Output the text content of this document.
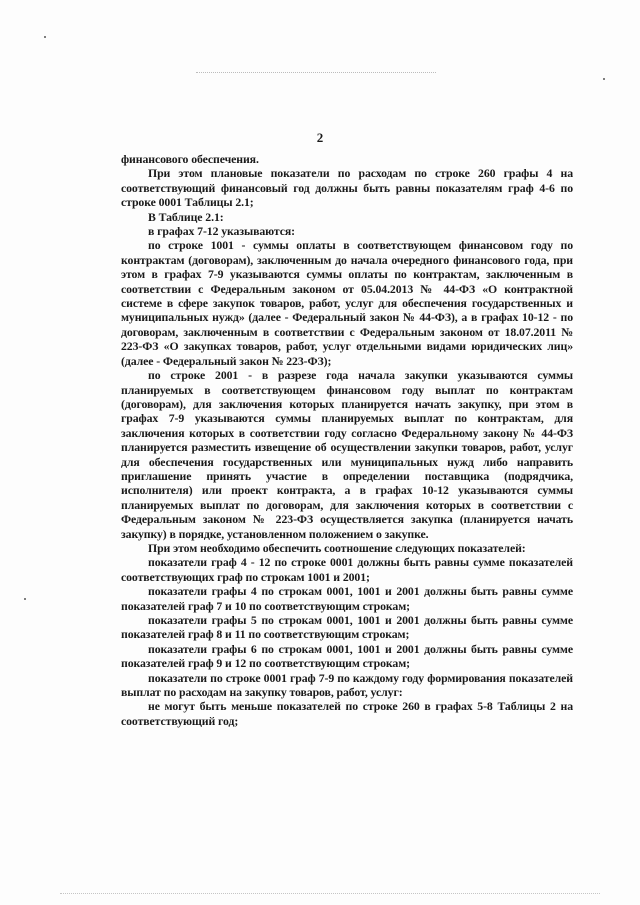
2

финансового обеспечения.

При этом плановые показатели по расходам по строке 260 графы 4 на соответствующий финансовый год должны быть равны показателям граф 4-6 по строке 0001 Таблицы 2.1;

В Таблице 2.1:

в графах 7-12 указываются:

по строке 1001 - суммы оплаты в соответствующем финансовом году по контрактам (договорам), заключенным до начала очередного финансового года, при этом в графах 7-9 указываются суммы оплаты по контрактам, заключенным в соответствии с Федеральным законом от 05.04.2013 № 44-ФЗ «О контрактной системе в сфере закупок товаров, работ, услуг для обеспечения государственных и муниципальных нужд» (далее - Федеральный закон № 44-ФЗ), а в графах 10-12 - по договорам, заключенным в соответствии с Федеральным законом от 18.07.2011 № 223-ФЗ «О закупках товаров, работ, услуг отдельными видами юридических лиц» (далее - Федеральный закон № 223-ФЗ);

по строке 2001 - в разрезе года начала закупки указываются суммы планируемых в соответствующем финансовом году выплат по контрактам (договорам), для заключения которых планируется начать закупку, при этом в графах 7-9 указываются суммы планируемых выплат по контрактам, для заключения которых в соответствии году согласно Федеральному закону № 44-ФЗ планируется разместить извещение об осуществлении закупки товаров, работ, услуг для обеспечения государственных или муниципальных нужд либо направить приглашение принять участие в определении поставщика (подрядчика, исполнителя) или проект контракта, а в графах 10-12 указываются суммы планируемых выплат по договорам, для заключения которых в соответствии с Федеральным законом № 223-ФЗ осуществляется закупка (планируется начать закупку) в порядке, установленном положением о закупке.

При этом необходимо обеспечить соотношение следующих показателей:

показатели граф 4 - 12 по строке 0001 должны быть равны сумме показателей соответствующих граф по строкам 1001 и 2001;

показатели графы 4 по строкам 0001, 1001 и 2001 должны быть равны сумме показателей граф 7 и 10 по соответствующим строкам;

показатели графы 5 по строкам 0001, 1001 и 2001 должны быть равны сумме показателей граф 8 и 11 по соответствующим строкам;

показатели графы 6 по строкам 0001, 1001 и 2001 должны быть равны сумме показателей граф 9 и 12 по соответствующим строкам;

показатели по строке 0001 граф 7-9 по каждому году формирования показателей выплат по расходам на закупку товаров, работ, услуг:

не могут быть меньше показателей по строке 260 в графах 5-8 Таблицы 2 на соответствующий год;
